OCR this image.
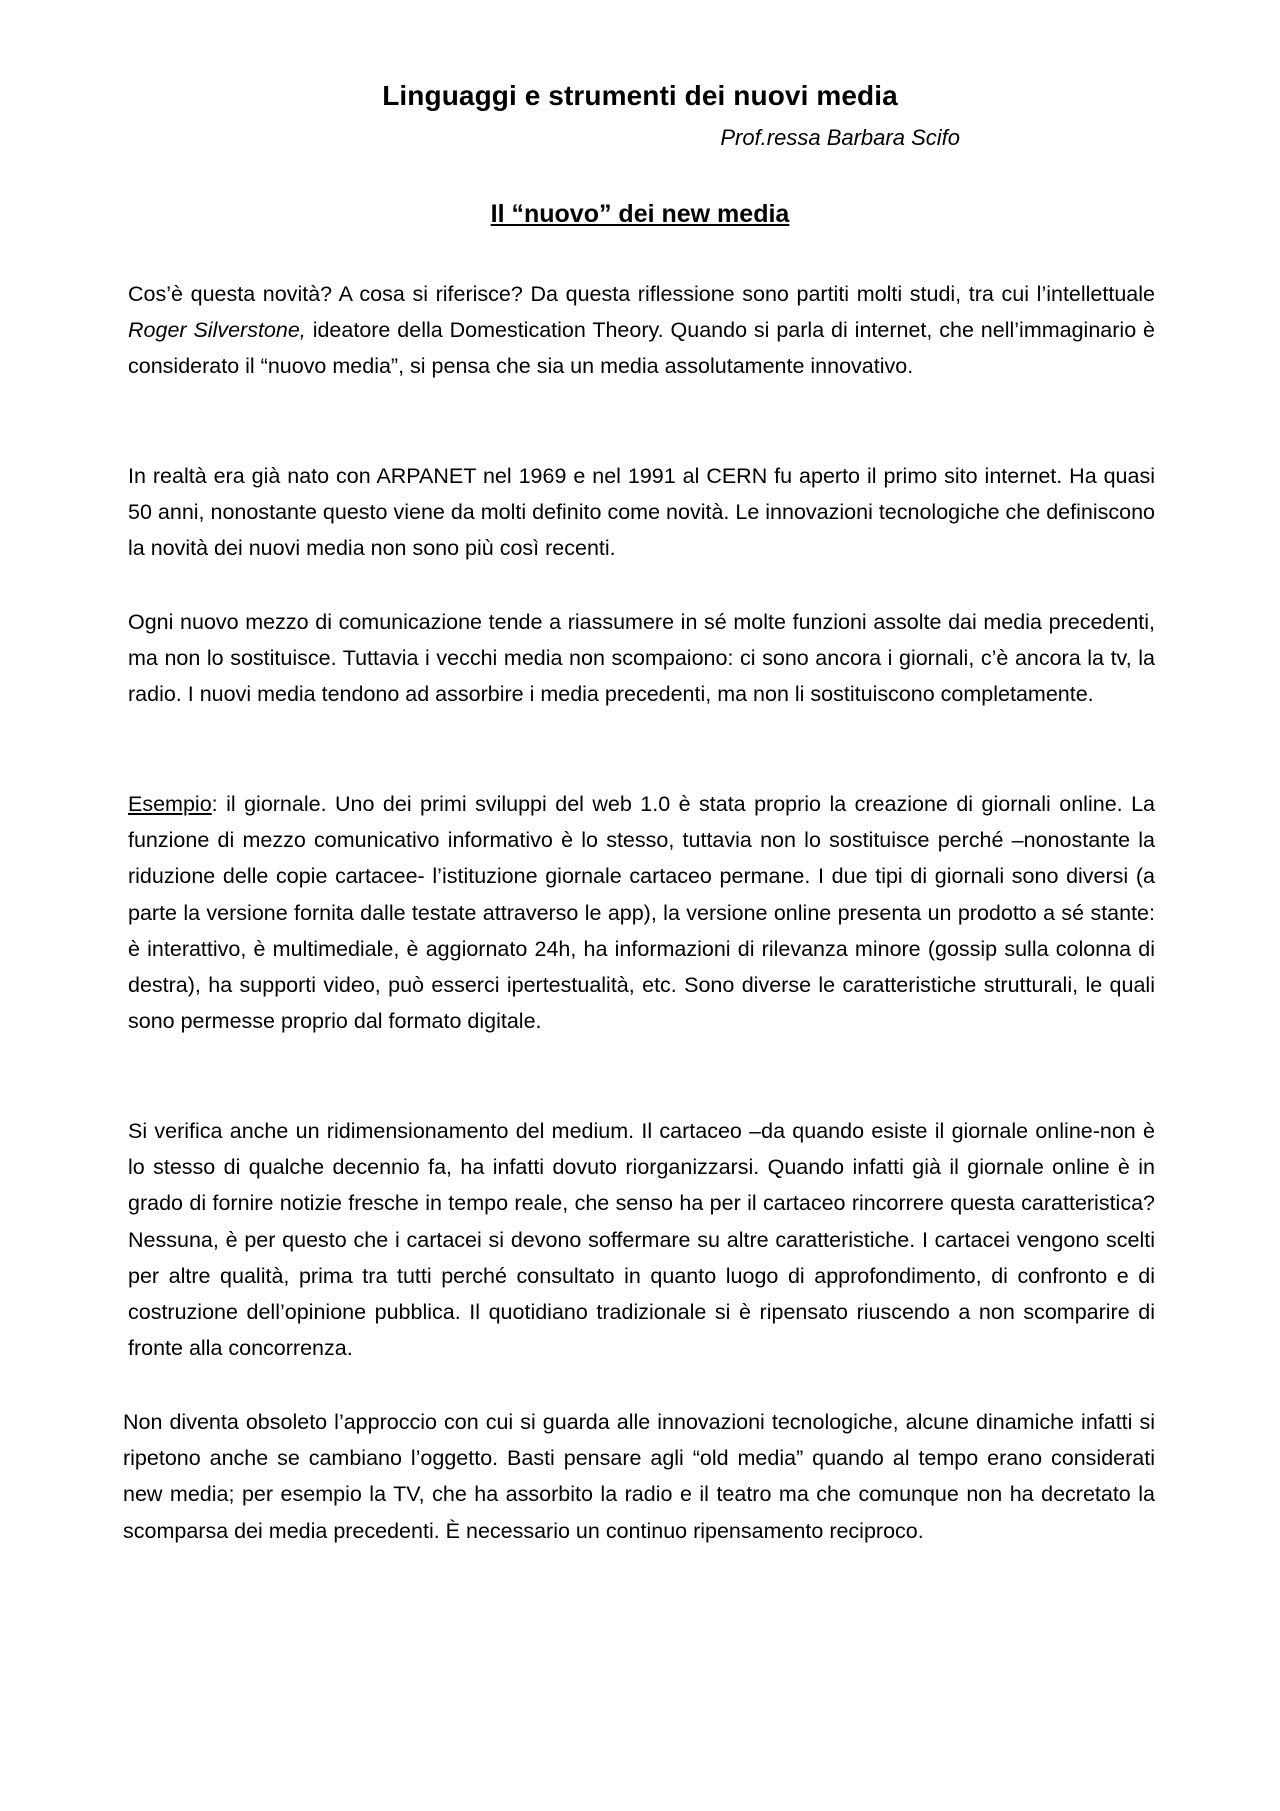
Linguaggi e strumenti dei nuovi media

Prof.ressa Barbara Scifo

Il “nuovo” dei new media

Cos’è questa novità? A cosa si riferisce? Da questa riflessione sono partiti molti studi, tra cui l’intellettuale Roger Silverstone, ideatore della Domestication Theory. Quando si parla di internet, che nell’immaginario è considerato il “nuovo media”, si pensa che sia un media assolutamente innovativo.

In realtà era già nato con ARPANET nel 1969 e nel 1991 al CERN fu aperto il primo sito internet. Ha quasi 50 anni, nonostante questo viene da molti definito come novità. Le innovazioni tecnologiche che definiscono la novità dei nuovi media non sono più così recenti.

Ogni nuovo mezzo di comunicazione tende a riassumere in sé molte funzioni assolte dai media precedenti, ma non lo sostituisce. Tuttavia i vecchi media non scompaiono: ci sono ancora i giornali, c’è ancora la tv, la radio. I nuovi media tendono ad assorbire i media precedenti, ma non li sostituiscono completamente.

Esempio: il giornale. Uno dei primi sviluppi del web 1.0 è stata proprio la creazione di giornali online. La funzione di mezzo comunicativo informativo è lo stesso, tuttavia non lo sostituisce perché –nonostante la riduzione delle copie cartacee- l’istituzione giornale cartaceo permane. I due tipi di giornali sono diversi (a parte la versione fornita dalle testate attraverso le app), la versione online presenta un prodotto a sé stante: è interattivo, è multimediale, è aggiornato 24h, ha informazioni di rilevanza minore (gossip sulla colonna di destra), ha supporti video, può esserci ipertestualità, etc. Sono diverse le caratteristiche strutturali, le quali sono permesse proprio dal formato digitale.

Si verifica anche un ridimensionamento del medium. Il cartaceo –da quando esiste il giornale online-non è lo stesso di qualche decennio fa, ha infatti dovuto riorganizzarsi. Quando infatti già il giornale online è in grado di fornire notizie fresche in tempo reale, che senso ha per il cartaceo rincorrere questa caratteristica? Nessuna, è per questo che i cartacei si devono soffermare su altre caratteristiche. I cartacei vengono scelti per altre qualità, prima tra tutti perché consultato in quanto luogo di approfondimento, di confronto e di costruzione dell’opinione pubblica. Il quotidiano tradizionale si è ripensato riuscendo a non scomparire di fronte alla concorrenza.

Non diventa obsoleto l’approccio con cui si guarda alle innovazioni tecnologiche, alcune dinamiche infatti si ripetono anche se cambiano l’oggetto. Basti pensare agli “old media” quando al tempo erano considerati new media; per esempio la TV, che ha assorbito la radio e il teatro ma che comunque non ha decretato la scomparsa dei media precedenti. È necessario un continuo ripensamento reciproco.
